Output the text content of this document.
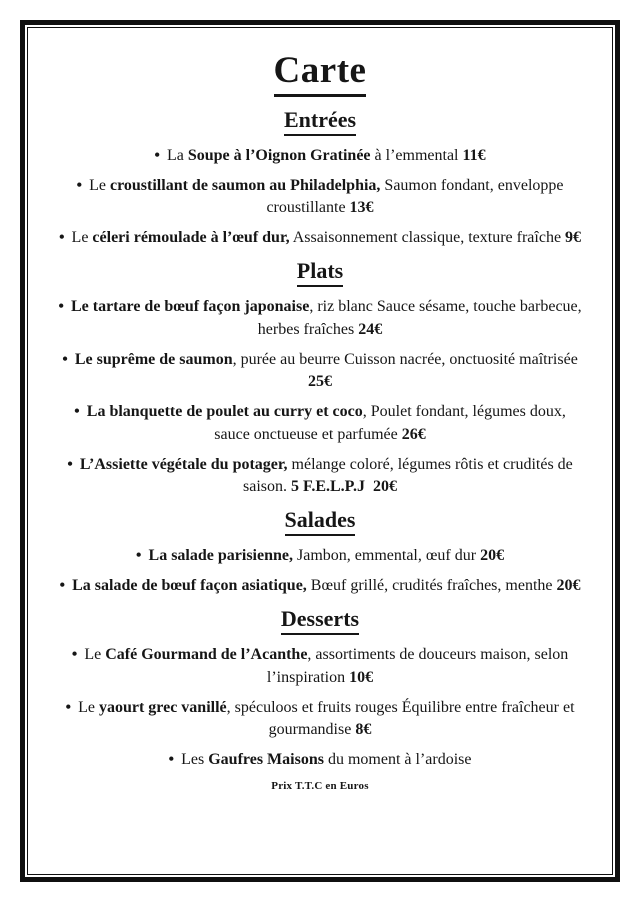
Carte
Entrées
• La Soupe à l’Oignon Gratinée à l’emmental 11€
• Le croustillant de saumon au Philadelphia, Saumon fondant, enveloppe croustillante 13€
• Le céleri rémoulade à l’œuf dur, Assaisonnement classique, texture fraîche 9€
Plats
• Le tartare de bœuf façon japonaise, riz blanc Sauce sésame, touche barbecue, herbes fraîches 24€
• Le suprême de saumon, purée au beurre Cuisson nacrée, onctuosité maîtrisée 25€
• La blanquette de poulet au curry et coco, Poulet fondant, légumes doux, sauce onctueuse et parfumée 26€
• L’Assiette végétale du potager, mélange coloré, légumes rôtis et crudités de saison. 5 F.E.L.P.J  20€
Salades
• La salade parisienne, Jambon, emmental, œuf dur 20€
• La salade de bœuf façon asiatique, Bœuf grillé, crudités fraîches, menthe 20€
Desserts
• Le Café Gourmand de l’Acanthe, assortiments de douceurs maison, selon l’inspiration 10€
• Le yaourt grec vanillé, spéculoos et fruits rouges Équilibre entre fraîcheur et gourmandise 8€
• Les Gaufres Maisons du moment à l’ardoise
Prix T.T.C en Euros
